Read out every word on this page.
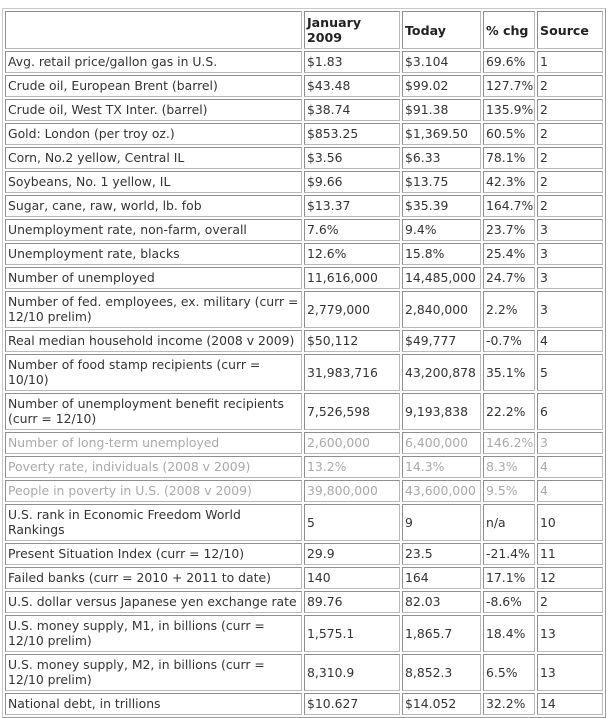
	January 2009	Today	% chg	Source
Avg. retail price/gallon gas in U.S.	$1.83	$3.104	69.6%	1
Crude oil, European Brent (barrel)	$43.48	$99.02	127.7%	2
Crude oil, West TX Inter. (barrel)	$38.74	$91.38	135.9%	2
Gold: London (per troy oz.)	$853.25	$1,369.50	60.5%	2
Corn, No.2 yellow, Central IL	$3.56	$6.33	78.1%	2
Soybeans, No. 1 yellow, IL	$9.66	$13.75	42.3%	2
Sugar, cane, raw, world, lb. fob	$13.37	$35.39	164.7%	2
Unemployment rate, non-farm, overall	7.6%	9.4%	23.7%	3
Unemployment rate, blacks	12.6%	15.8%	25.4%	3
Number of unemployed	11,616,000	14,485,000	24.7%	3
Number of fed. employees, ex. military (curr = 12/10 prelim)	2,779,000	2,840,000	2.2%	3
Real median household income (2008 v 2009)	$50,112	$49,777	-0.7%	4
Number of food stamp recipients (curr = 10/10)	31,983,716	43,200,878	35.1%	5
Number of unemployment benefit recipients (curr = 12/10)	7,526,598	9,193,838	22.2%	6
Number of long-term unemployed	2,600,000	6,400,000	146.2%	3
Poverty rate, individuals (2008 v 2009)	13.2%	14.3%	8.3%	4
People in poverty in U.S. (2008 v 2009)	39,800,000	43,600,000	9.5%	4
U.S. rank in Economic Freedom World Rankings	5	9	n/a	10
Present Situation Index (curr = 12/10)	29.9	23.5	-21.4%	11
Failed banks (curr = 2010 + 2011 to date)	140	164	17.1%	12
U.S. dollar versus Japanese yen exchange rate	89.76	82.03	-8.6%	2
U.S. money supply, M1, in billions (curr = 12/10 prelim)	1,575.1	1,865.7	18.4%	13
U.S. money supply, M2, in billions (curr = 12/10 prelim)	8,310.9	8,852.3	6.5%	13
National debt, in trillions	$10.627	$14.052	32.2%	14
